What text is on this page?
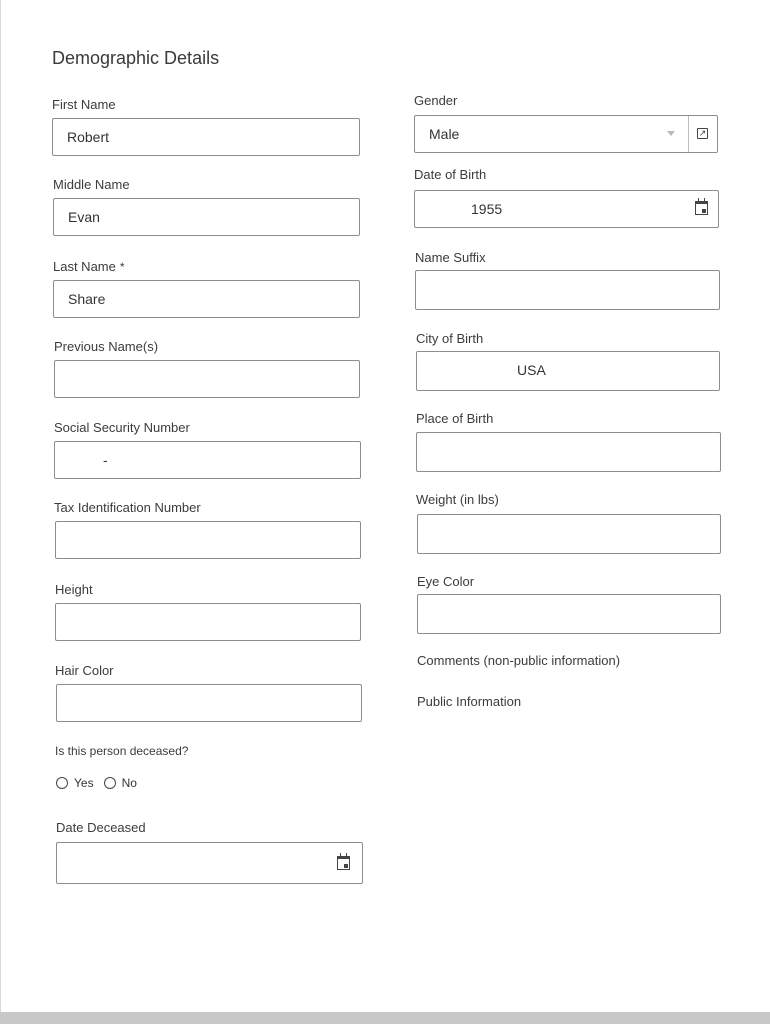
Demographic Details
First Name
Robert
Middle Name
Evan
Last Name *
Share
Previous Name(s)
Social Security Number
-
Tax Identification Number
Height
Hair Color
Is this person deceased?
Yes No
Date Deceased
Gender
Male	↗
Date of Birth
1955
Name Suffix
City of Birth
USA
Place of Birth
Weight (in lbs)
Eye Color
Comments (non-public information)
Public Information
